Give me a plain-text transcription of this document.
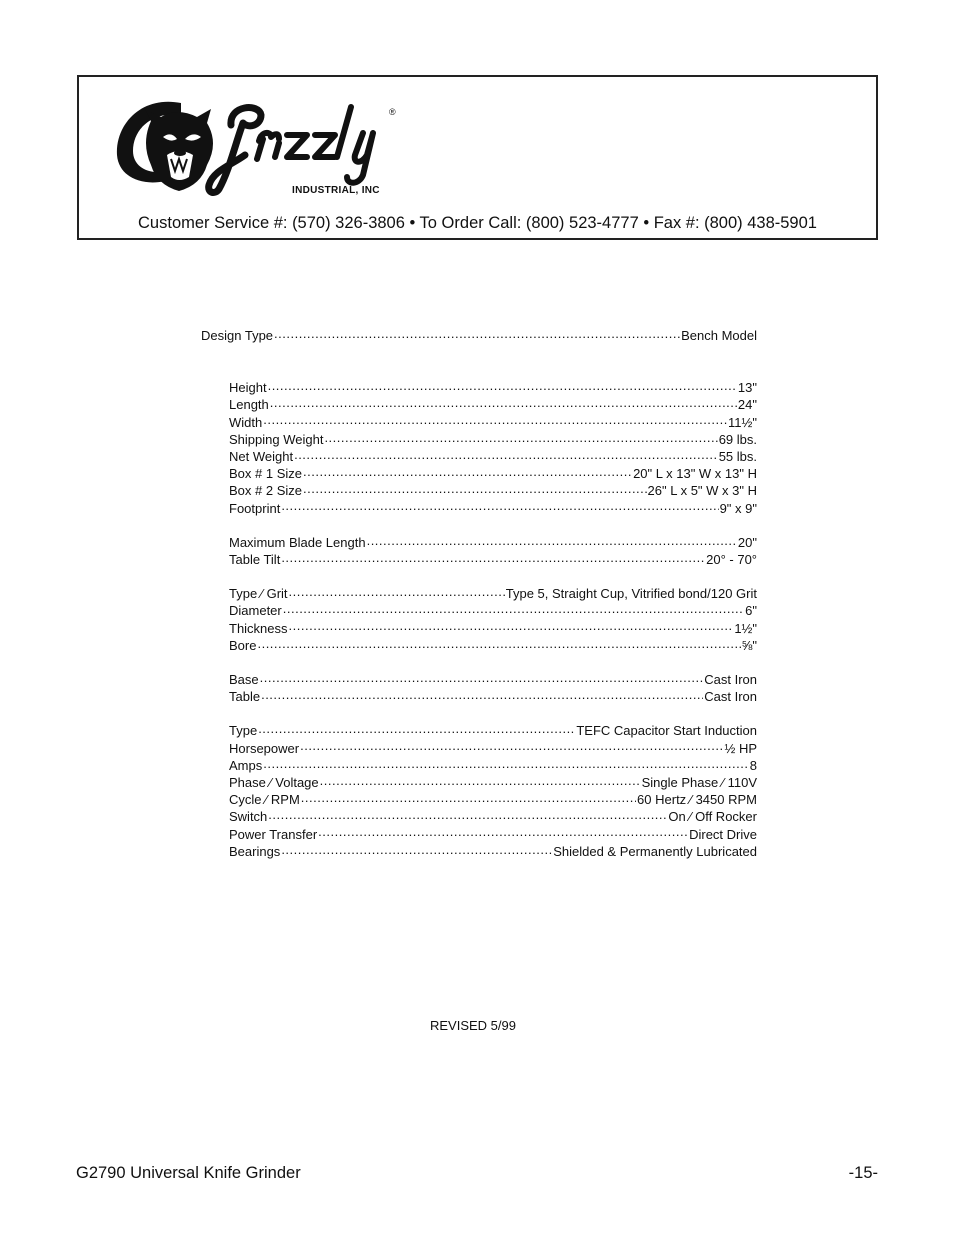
®
INDUSTRIAL, INC
Customer Service #: (570) 326-3806 • To Order Call: (800) 523-4777 • Fax #: (800) 438-5901
Design Type .....	Bench Model
Height .....	13"
Length .....	24"
Width .....	11½"
Shipping Weight .....	69 lbs.
Net Weight .....	55 lbs.
Box # 1 Size .....	20" L x 13" W x 13" H
Box # 2 Size .....	26" L x 5" W x 3" H
Footprint .....	9" x 9"
Maximum Blade Length .....	20"
Table Tilt .....	20° - 70°
Type ⁄ Grit .....	Type 5, Straight Cup, Vitrified bond/120 Grit
Diameter .....	6"
Thickness .....	1½"
Bore .....	⅝"
Base .....	Cast Iron
Table .....	Cast Iron
Type .....	TEFC Capacitor Start Induction
Horsepower .....	½ HP
Amps .....	8
Phase ⁄ Voltage .....	Single Phase ⁄ 110V
Cycle ⁄ RPM .....	60 Hertz ⁄ 3450 RPM
Switch .....	On ⁄ Off Rocker
Power Transfer .....	Direct Drive
Bearings .....	Shielded & Permanently Lubricated
REVISED 5/99
G2790 Universal Knife Grinder	-15-
